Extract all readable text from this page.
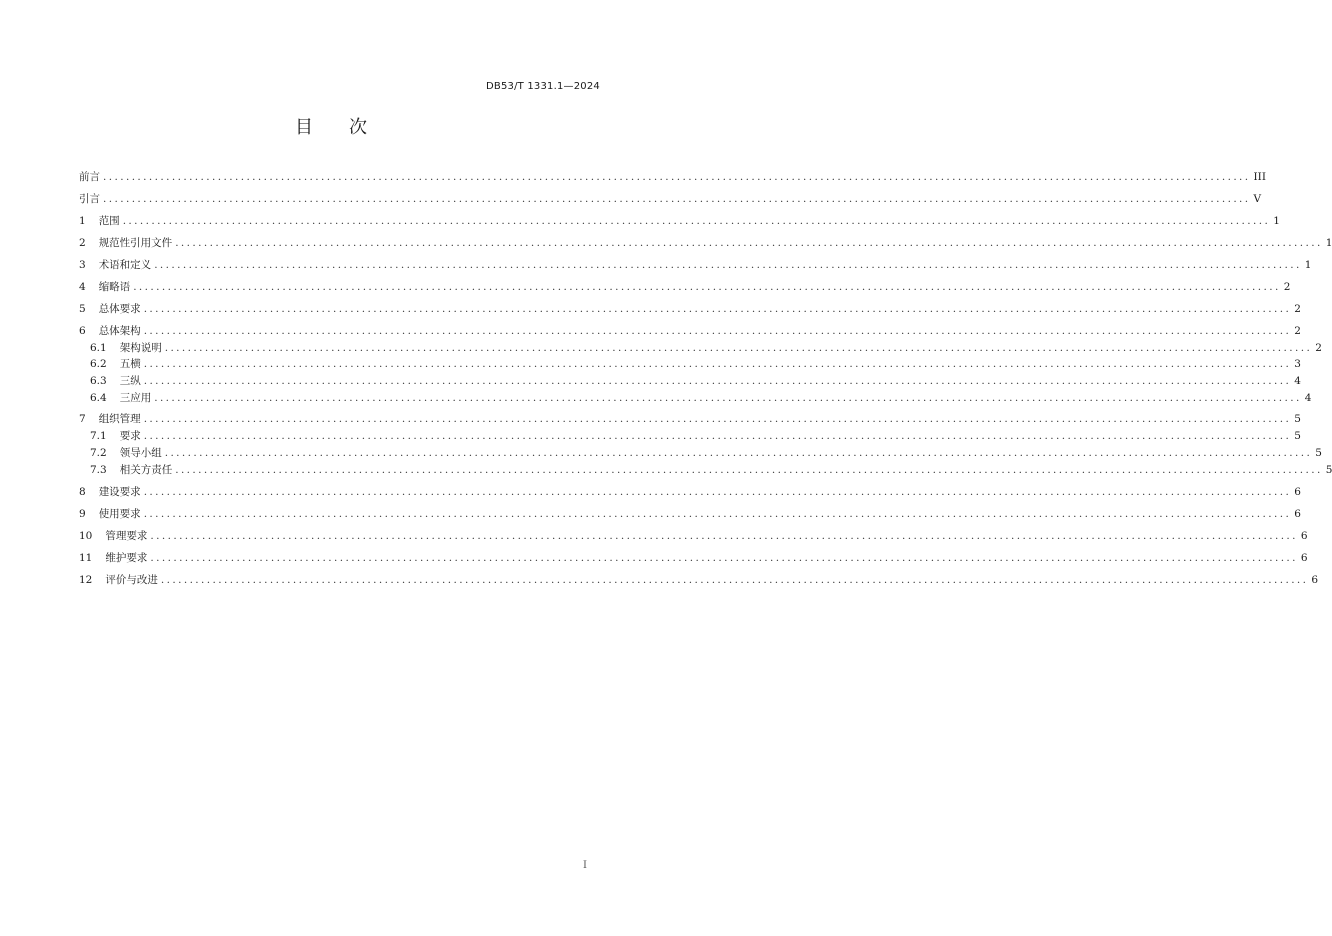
DB53/T 1331.1—2024
目 次
前言 ........................................................................................................................................................................................................ III
引言 ........................................................................................................................................................................................................ V
1 范围 ........................................................................................................................................................................................................ 1
2 规范性引用文件 ........................................................................................................................................................................................................ 1
3 术语和定义 ........................................................................................................................................................................................................ 1
4 缩略语 ........................................................................................................................................................................................................ 2
5 总体要求 ........................................................................................................................................................................................................ 2
6 总体架构 ........................................................................................................................................................................................................ 2
6.1 架构说明 ........................................................................................................................................................................................................ 2
6.2 五横 ........................................................................................................................................................................................................ 3
6.3 三纵 ........................................................................................................................................................................................................ 4
6.4 三应用 ........................................................................................................................................................................................................ 4
7 组织管理 ........................................................................................................................................................................................................ 5
7.1 要求 ........................................................................................................................................................................................................ 5
7.2 领导小组 ........................................................................................................................................................................................................ 5
7.3 相关方责任 ........................................................................................................................................................................................................ 5
8 建设要求 ........................................................................................................................................................................................................ 6
9 使用要求 ........................................................................................................................................................................................................ 6
10 管理要求 ........................................................................................................................................................................................................ 6
11 维护要求 ........................................................................................................................................................................................................ 6
12 评价与改进 ........................................................................................................................................................................................................ 6
I
